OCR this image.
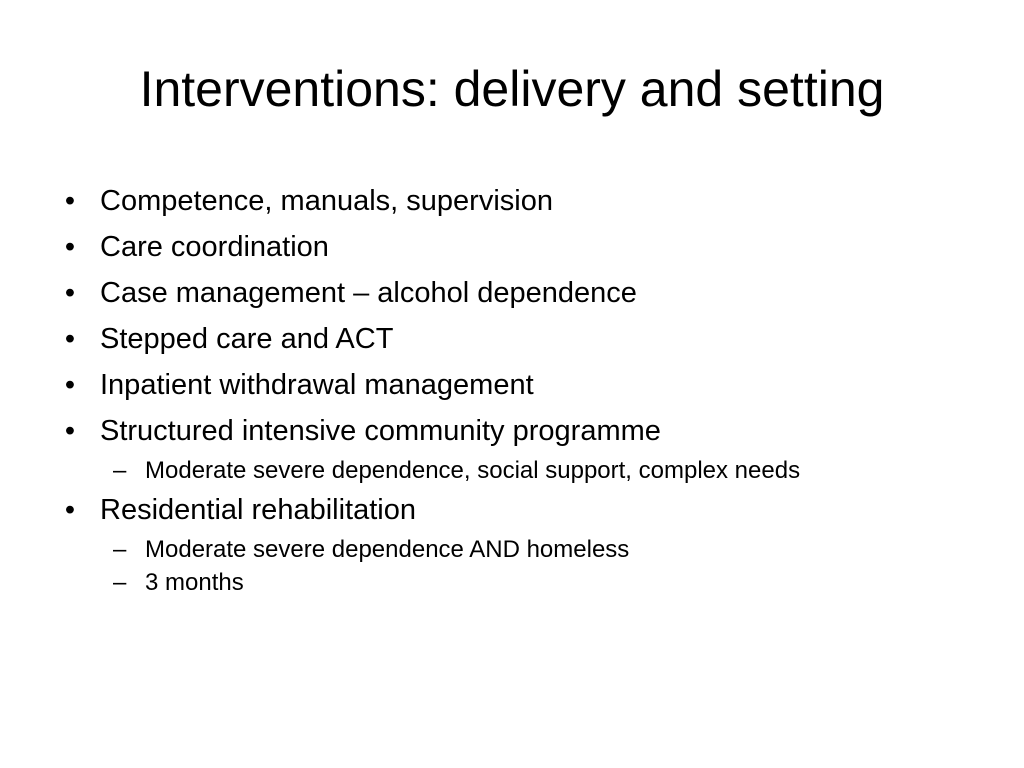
Interventions: delivery and setting
• Competence, manuals, supervision
• Care coordination
• Case management – alcohol dependence
• Stepped care and ACT
• Inpatient withdrawal management
• Structured intensive community programme
– Moderate severe dependence, social support, complex needs
• Residential rehabilitation
– Moderate severe dependence AND homeless
– 3 months
